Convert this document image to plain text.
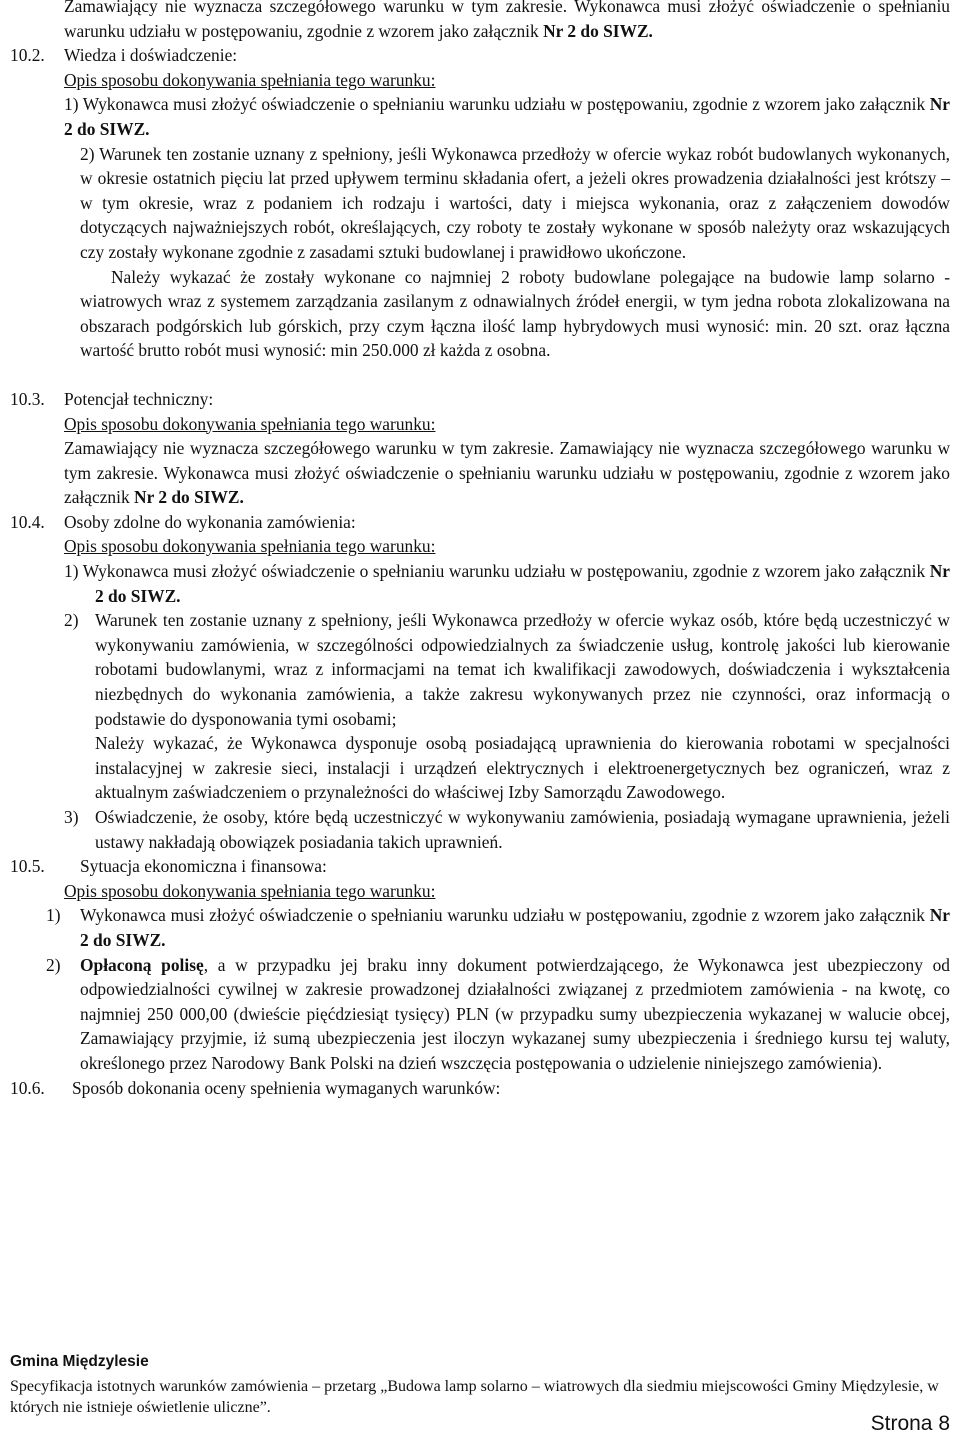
Zamawiający nie wyznacza szczegółowego warunku w tym zakresie. Wykonawca musi złożyć oświadczenie o spełnianiu warunku udziału w postępowaniu, zgodnie z wzorem jako załącznik Nr 2 do SIWZ.

10.2. Wiedza i doświadczenie:

Opis sposobu dokonywania spełniania tego warunku:

1) Wykonawca musi złożyć oświadczenie o spełnianiu warunku udziału w postępowaniu, zgodnie z wzorem jako załącznik Nr 2 do SIWZ.

2) Warunek ten zostanie uznany z spełniony, jeśli Wykonawca przedłoży w ofercie wykaz robót budowlanych wykonanych, w okresie ostatnich pięciu lat przed upływem terminu składania ofert, a jeżeli okres prowadzenia działalności jest krótszy – w tym okresie, wraz z podaniem ich rodzaju i wartości, daty i miejsca wykonania, oraz z załączeniem dowodów dotyczących najważniejszych robót, określających, czy roboty te zostały wykonane w sposób należyty oraz wskazujących czy zostały wykonane zgodnie z zasadami sztuki budowlanej i prawidłowo ukończone.

Należy wykazać że zostały wykonane co najmniej 2 roboty budowlane polegające na budowie lamp solarno -wiatrowych wraz z systemem zarządzania zasilanym z odnawialnych źródeł energii, w tym jedna robota zlokalizowana na obszarach podgórskich lub górskich, przy czym łączna ilość lamp hybrydowych musi wynosić: min. 20 szt. oraz łączna wartość brutto robót musi wynosić: min 250.000 zł każda z osobna.

10.3. Potencjał techniczny:

Opis sposobu dokonywania spełniania tego warunku:

Zamawiający nie wyznacza szczegółowego warunku w tym zakresie. Zamawiający nie wyznacza szczegółowego warunku w tym zakresie. Wykonawca musi złożyć oświadczenie o spełnianiu warunku udziału w postępowaniu, zgodnie z wzorem jako załącznik Nr 2 do SIWZ.

10.4. Osoby zdolne do wykonania zamówienia:

Opis sposobu dokonywania spełniania tego warunku:

1) Wykonawca musi złożyć oświadczenie o spełnianiu warunku udziału w postępowaniu, zgodnie z wzorem jako załącznik Nr 2 do SIWZ.

2) Warunek ten zostanie uznany z spełniony, jeśli Wykonawca przedłoży w ofercie wykaz osób, które będą uczestniczyć w wykonywaniu zamówienia, w szczególności odpowiedzialnych za świadczenie usług, kontrolę jakości lub kierowanie robotami budowlanymi, wraz z informacjami na temat ich kwalifikacji zawodowych, doświadczenia i wykształcenia niezbędnych do wykonania zamówienia, a także zakresu wykonywanych przez nie czynności, oraz informacją o podstawie do dysponowania tymi osobami;

Należy wykazać, że Wykonawca dysponuje osobą posiadającą uprawnienia do kierowania robotami w specjalności instalacyjnej w zakresie sieci, instalacji i urządzeń elektrycznych i elektroenergetycznych bez ograniczeń, wraz z aktualnym zaświadczeniem o przynależności do właściwej Izby Samorządu Zawodowego.

3) Oświadczenie, że osoby, które będą uczestniczyć w wykonywaniu zamówienia, posiadają wymagane uprawnienia, jeżeli ustawy nakładają obowiązek posiadania takich uprawnień.

10.5. Sytuacja ekonomiczna i finansowa:

Opis sposobu dokonywania spełniania tego warunku:

1) Wykonawca musi złożyć oświadczenie o spełnianiu warunku udziału w postępowaniu, zgodnie z wzorem jako załącznik Nr 2 do SIWZ.

2) Opłaconą polisę, a w przypadku jej braku inny dokument potwierdzającego, że Wykonawca jest ubezpieczony od odpowiedzialności cywilnej w zakresie prowadzonej działalności związanej z przedmiotem zamówienia - na kwotę, co najmniej 250 000,00 (dwieście pięćdziesiąt tysięcy) PLN (w przypadku sumy ubezpieczenia wykazanej w walucie obcej, Zamawiający przyjmie, iż sumą ubezpieczenia jest iloczyn wykazanej sumy ubezpieczenia i średniego kursu tej waluty, określonego przez Narodowy Bank Polski na dzień wszczęcia postępowania o udzielenie niniejszego zamówienia).

10.6. Sposób dokonania oceny spełnienia wymaganych warunków:

Gmina Międzylesie
Specyfikacja istotnych warunków zamówienia – przetarg „Budowa lamp solarno – wiatrowych dla siedmiu miejscowości Gminy Międzylesie, w których nie istnieje oświetlenie uliczne”.
Strona 8
